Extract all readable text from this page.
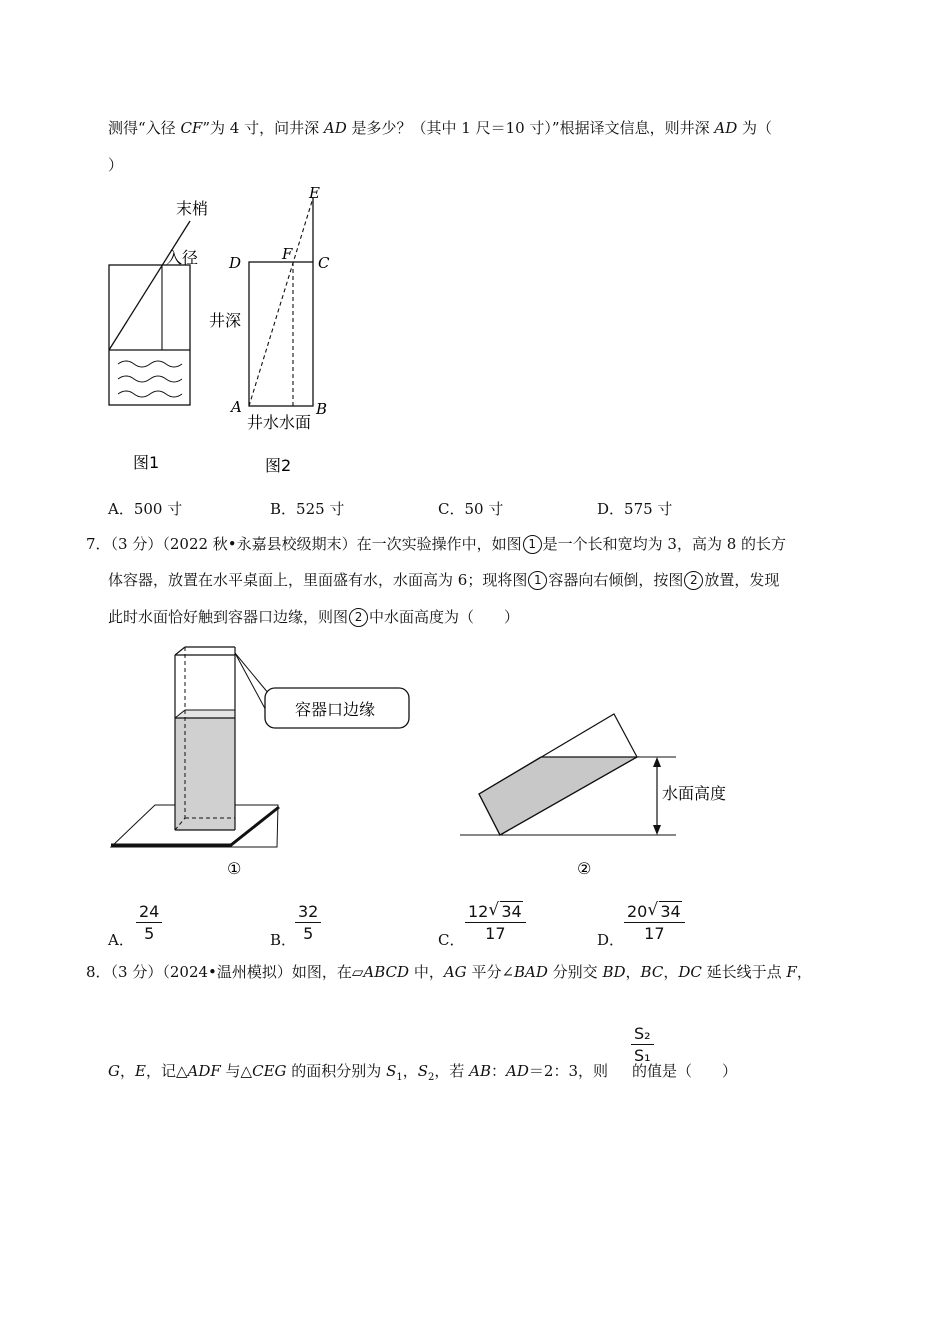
测得“入径 CF”为 4 寸，问井深 AD 是多少？（其中 1 尺＝10 寸）”根据译文信息，则井深 AD 为（
）
末梢
入径
图1
E
D	F C
A	B
井深
井水水面
图2
A．500 寸	B．525 寸	C．50 寸	D．575 寸
7．（3 分）（2022 秋•永嘉县校级期末）在一次实验操作中，如图 1 是一个长和宽均为 3，高为 8 的长方
体容器，放置在水平桌面上，里面盛有水，水面高为 6；现将图 1 容器向右倾倒，按图 2 放置，发现
此时水面恰好触到容器口边缘，则图 2 中水面高度为（　　）
容器口边缘
①
水面高度
②
A． $\frac{24}{5}$	B．
$\frac{32}{5}$	C． $\frac{12 √ 34}{17}$	D． $\frac{20 √ 34}{17}$
8．（3 分）（2024•温州模拟）如图，在▱ABCD 中，AG 平分∠BAD 分别交 BD，BC，DC 延长线于点 F，
G，E，记△ADF 与△CEG 的面积分别为 $S_1$，$S_2$，若 AB：AD＝2：3，则 的值是（　　）
$\frac{\text{S₂}}{\text{S₁}}$
